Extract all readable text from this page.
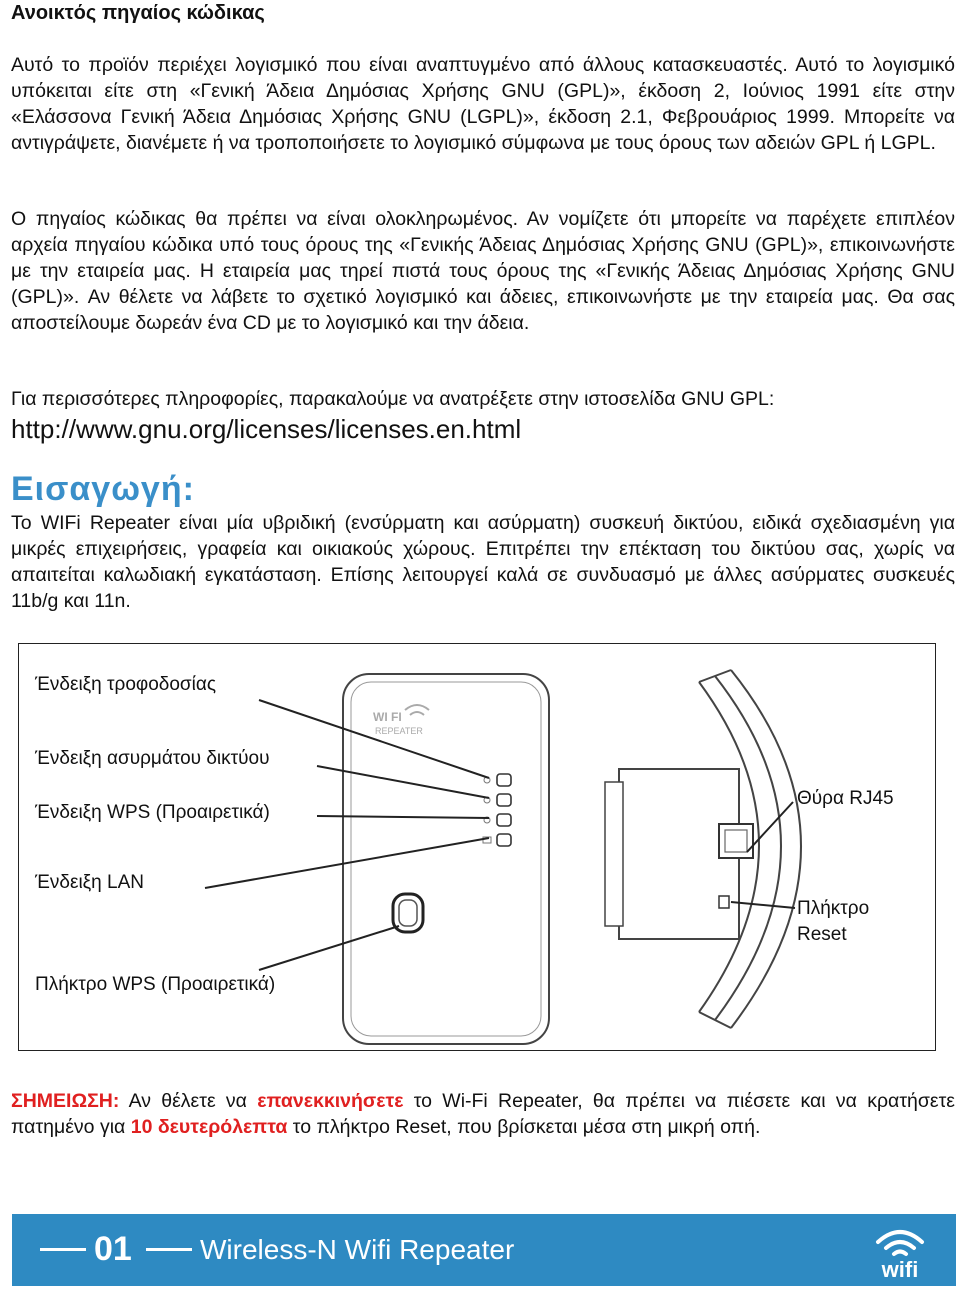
Ανοικτός πηγαίος κώδικας

Αυτό το προϊόν περιέχει λογισμικό που είναι αναπτυγμένο από άλλους κατασκευαστές. Αυτό το λογισμικό υπόκειται είτε στη «Γενική Άδεια Δημόσιας Χρήσης GNU (GPL)», έκδοση 2, Ιούνιος 1991 είτε στην «Ελάσσονα Γενική Άδεια Δημόσιας Χρήσης GNU (LGPL)», έκδοση 2.1, Φεβρουάριος 1999. Μπορείτε να αντιγράψετε, διανέμετε ή να τροποποιήσετε το λογισμικό σύμφωνα με τους όρους των αδειών GPL ή LGPL.

Ο πηγαίος κώδικας θα πρέπει να είναι ολοκληρωμένος. Αν νομίζετε ότι μπορείτε να παρέχετε επιπλέον αρχεία πηγαίου κώδικα υπό τους όρους της «Γενικής Άδειας Δημόσιας Χρήσης GNU (GPL)», επικοινωνήστε με την εταιρεία μας. Η εταιρεία μας τηρεί πιστά τους όρους της «Γενικής Άδειας Δημόσιας Χρήσης GNU (GPL)». Αν θέλετε να λάβετε το σχετικό λογισμικό και άδειες, επικοινωνήστε με την εταιρεία μας. Θα σας αποστείλουμε δωρεάν ένα CD με το λογισμικό και την άδεια.

Για περισσότερες πληροφορίες, παρακαλούμε να ανατρέξετε στην ιστοσελίδα GNU GPL:

http://www.gnu.org/licenses/licenses.en.html

Εισαγωγή:

Το WIFi Repeater είναι μία υβριδική (ενσύρματη και ασύρματη) συσκευή δικτύου, ειδικά σχεδιασμένη για μικρές επιχειρήσεις, γραφεία και οικιακούς χώρους. Επιτρέπει την επέκταση του δικτύου σας, χωρίς να απαιτείται καλωδιακή εγκατάσταση. Επίσης λειτουργεί καλά σε συνδυασμό με άλλες ασύρματες συσκευές 11b/g και 11n.

WI FI
REPEATER
Ένδειξη τροφοδοσίας
Ένδειξη ασυρμάτου δικτύου
Ένδειξη WPS (Προαιρετικά)
Ένδειξη LAN
Πλήκτρο WPS (Προαιρετικά)
Θύρα RJ45
Πλήκτρο
Reset

ΣΗΜΕΙΩΣΗ: Αν θέλετε να επανεκκινήσετε το Wi-Fi Repeater, θα πρέπει να πιέσετε και να κρατήσετε πατημένο για 10 δευτερόλεπτα το πλήκτρο Reset, που βρίσκεται μέσα στη μικρή οπή.

01 Wireless-N Wifi Repeater
wifi
